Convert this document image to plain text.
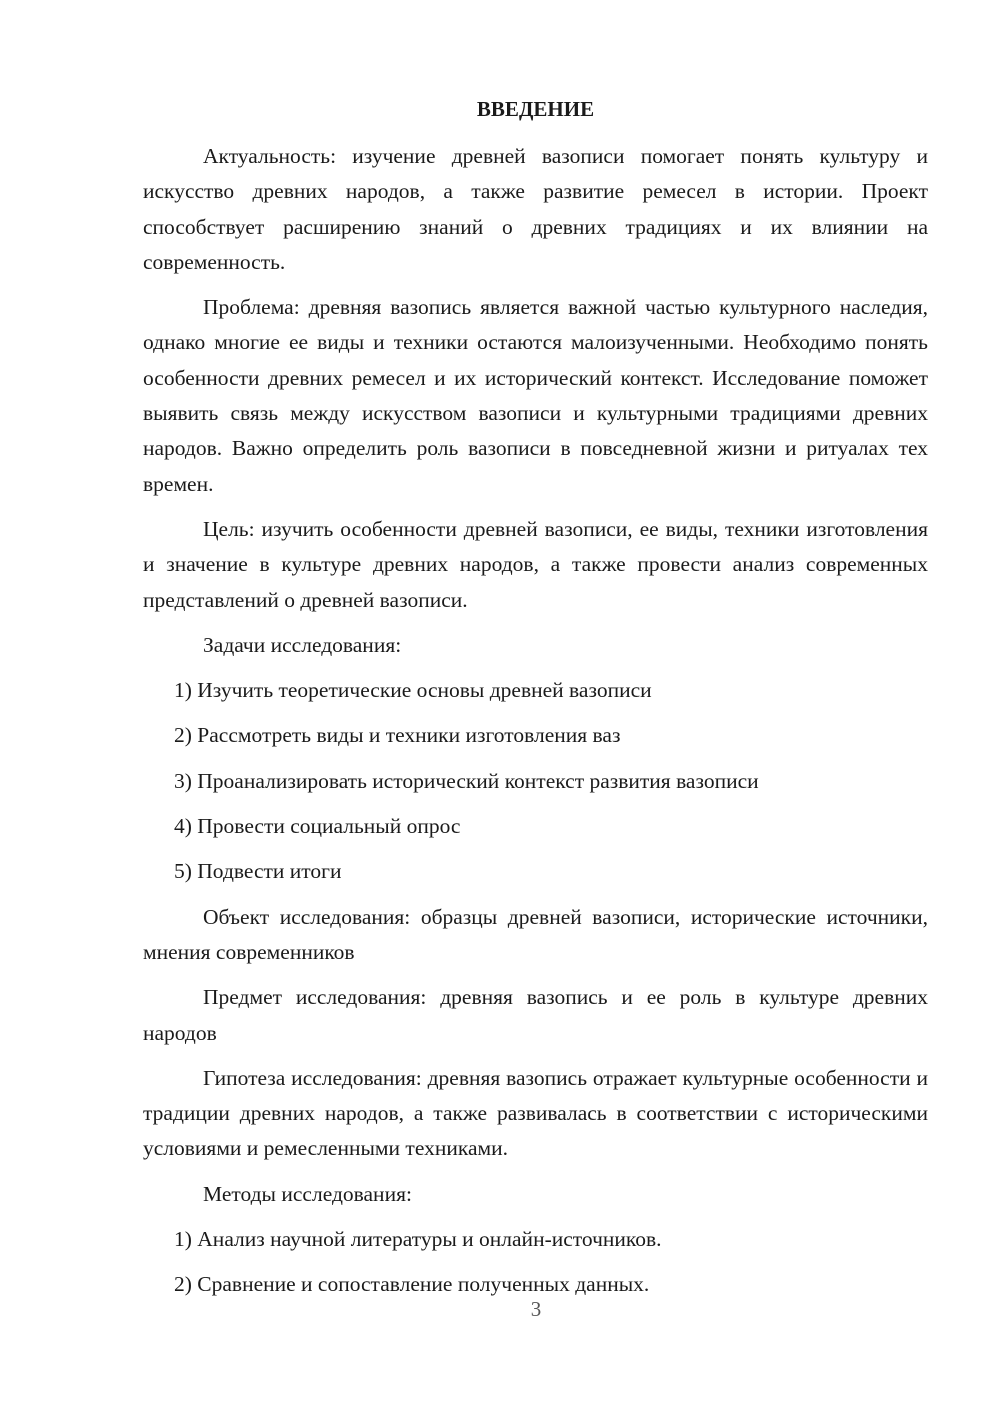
ВВЕДЕНИЕ

Актуальность: изучение древней вазописи помогает понять культуру и искусство древних народов, а также развитие ремесел в истории. Проект способствует расширению знаний о древних традициях и их влиянии на современность.

Проблема: древняя вазопись является важной частью культурного наследия, однако многие ее виды и техники остаются малоизученными. Необходимо понять особенности древних ремесел и их исторический контекст. Исследование поможет выявить связь между искусством вазописи и культурными традициями древних народов. Важно определить роль вазописи в повседневной жизни и ритуалах тех времен.

Цель: изучить особенности древней вазописи, ее виды, техники изготовления и значение в культуре древних народов, а также провести анализ современных представлений о древней вазописи.

Задачи исследования:

1) Изучить теоретические основы древней вазописи
2) Рассмотреть виды и техники изготовления ваз
3) Проанализировать исторический контекст развития вазописи
4) Провести социальный опрос
5) Подвести итоги

Объект исследования: образцы древней вазописи, исторические источники, мнения современников

Предмет исследования: древняя вазопись и ее роль в культуре древних народов

Гипотеза исследования: древняя вазопись отражает культурные особенности и традиции древних народов, а также развивалась в соответствии с историческими условиями и ремесленными техниками.

Методы исследования:

1) Анализ научной литературы и онлайн-источников.
2) Сравнение и сопоставление полученных данных.
3
